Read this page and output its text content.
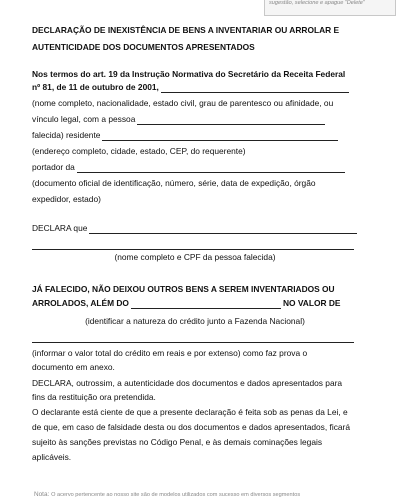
sugestão, selecione e apague “Delete”
DECLARAÇÃO DE INEXISTÊNCIA DE BENS A INVENTARIAR OU ARROLAR E
AUTENTICIDADE DOS DOCUMENTOS APRESENTADOS
Nos termos do art. 19 da Instrução Normativa do Secretário da Receita Federal
nº 81, de 11 de outubro de 2001,
(nome completo, nacionalidade, estado civil, grau de parentesco ou afinidade, ou
vínculo legal, com a pessoa
falecida) residente
(endereço completo, cidade, estado, CEP, do requerente)
portador da
(documento oficial de identificação, número, série, data de expedição, órgão
expedidor, estado)
DECLARA que
(nome completo e CPF da pessoa falecida)
JÁ FALECIDO, NÃO DEIXOU OUTROS BENS A SEREM INVENTARIADOS OU
ARROLADOS, ALÉM DO	NO VALOR DE
(identificar a natureza do crédito junto a Fazenda Nacional)
(informar o valor total do crédito em reais e por extenso) como faz prova o
documento em anexo.
DECLARA, outrossim, a autenticidade dos documentos e dados apresentados para
fins da restituição ora pretendida.
O declarante está ciente de que a presente declaração é feita sob as penas da Lei, e
de que, em caso de falsidade desta ou dos documentos e dados apresentados, ficará
sujeito às sanções previstas no Código Penal, e às demais cominações legais
aplicáveis.
Nota: O acervo pertencente ao nosso site são de modelos utilizados com sucesso em diversos segmentos
